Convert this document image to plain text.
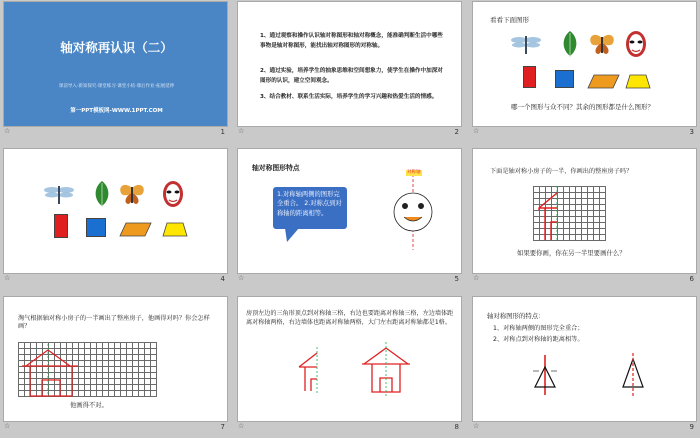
轴对称再认识（二）
课前导入·新知探究·课堂练习·课堂小结·课后作业·拓展延伸
第一PPT模板网-WWW.1PPT.COM
☆	1
1、通过观察和操作认识轴对称图形和轴对称概念，能准确判断生活中哪些事物是轴对称图形，能找出轴对称图形的对称轴。
2、通过实验，培养学生的抽象思维和空间想象力，使学生在操作中加深对图形的认识，建立空间观念。
3、结合教材、联系生活实际，培养学生的学习兴趣和热爱生活的情感。
☆	2
看看下面图形
哪一个图形与众不同？其余的图形都是什么图形？
☆	3
☆	4
轴对称图形特点
1.对称轴两侧的图形完全重合。 2.对称点到对称轴的距离相等。
对称轴
☆	5
下面是轴对称小房子的一半，你画出的整座房子吗？
如果要你画，你在另一半里要画什么？
☆	6
淘气根据轴对称小房子的一半画出了整座房子，他画得对吗？你会怎样画？
他画得不对。
☆	7
房顶左边的三角形顶点到对称轴三格，右边也要距离对称轴三格，左边墙体距离对称轴两格，右边墙体也距离对称轴两格，大门左右距离对称轴都是1格。
☆	8
轴对称图形的特点：
1、对称轴两侧的图形完全重合；
2、对称点到对称轴的距离相等。
☆	9
